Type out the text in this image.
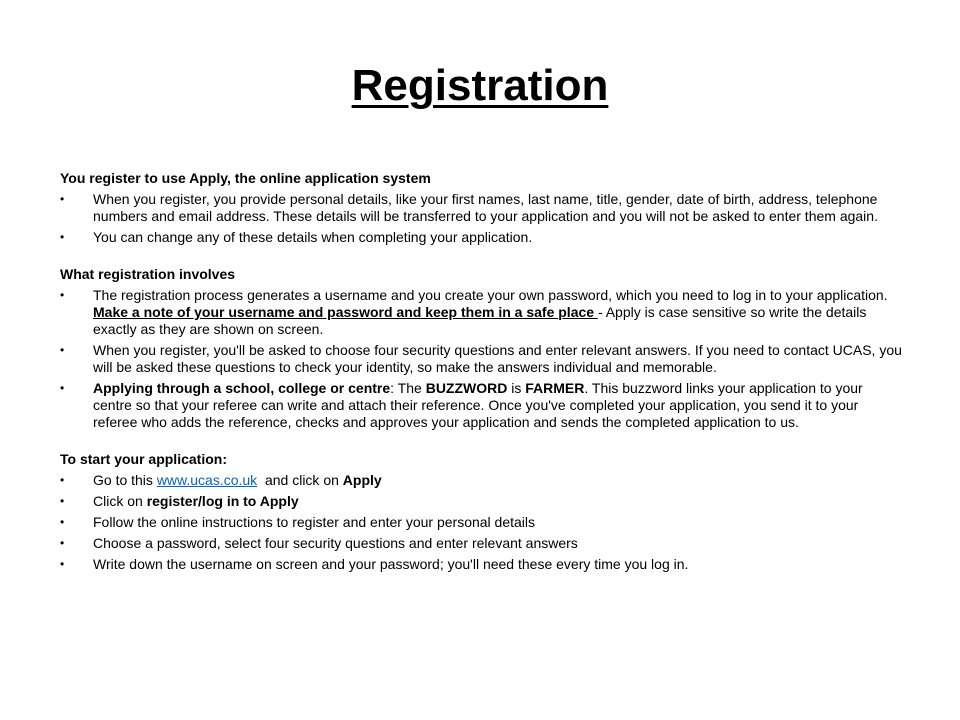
Registration

You register to use Apply, the online application system

• When you register, you provide personal details, like your first names, last name, title, gender, date of birth, address, telephone numbers and email address. These details will be transferred to your application and you will not be asked to enter them again.
• You can change any of these details when completing your application.

What registration involves

• The registration process generates a username and you create your own password, which you need to log in to your application. Make a note of your username and password and keep them in a safe place - Apply is case sensitive so write the details exactly as they are shown on screen.
• When you register, you'll be asked to choose four security questions and enter relevant answers. If you need to contact UCAS, you will be asked these questions to check your identity, so make the answers individual and memorable.
• Applying through a school, college or centre: The BUZZWORD is FARMER. This buzzword links your application to your centre so that your referee can write and attach their reference. Once you've completed your application, you send it to your referee who adds the reference, checks and approves your application and sends the completed application to us.

To start your application:

• Go to this www.ucas.co.uk  and click on Apply
• Click on register/log in to Apply
• Follow the online instructions to register and enter your personal details
• Choose a password, select four security questions and enter relevant answers
• Write down the username on screen and your password; you'll need these every time you log in.
